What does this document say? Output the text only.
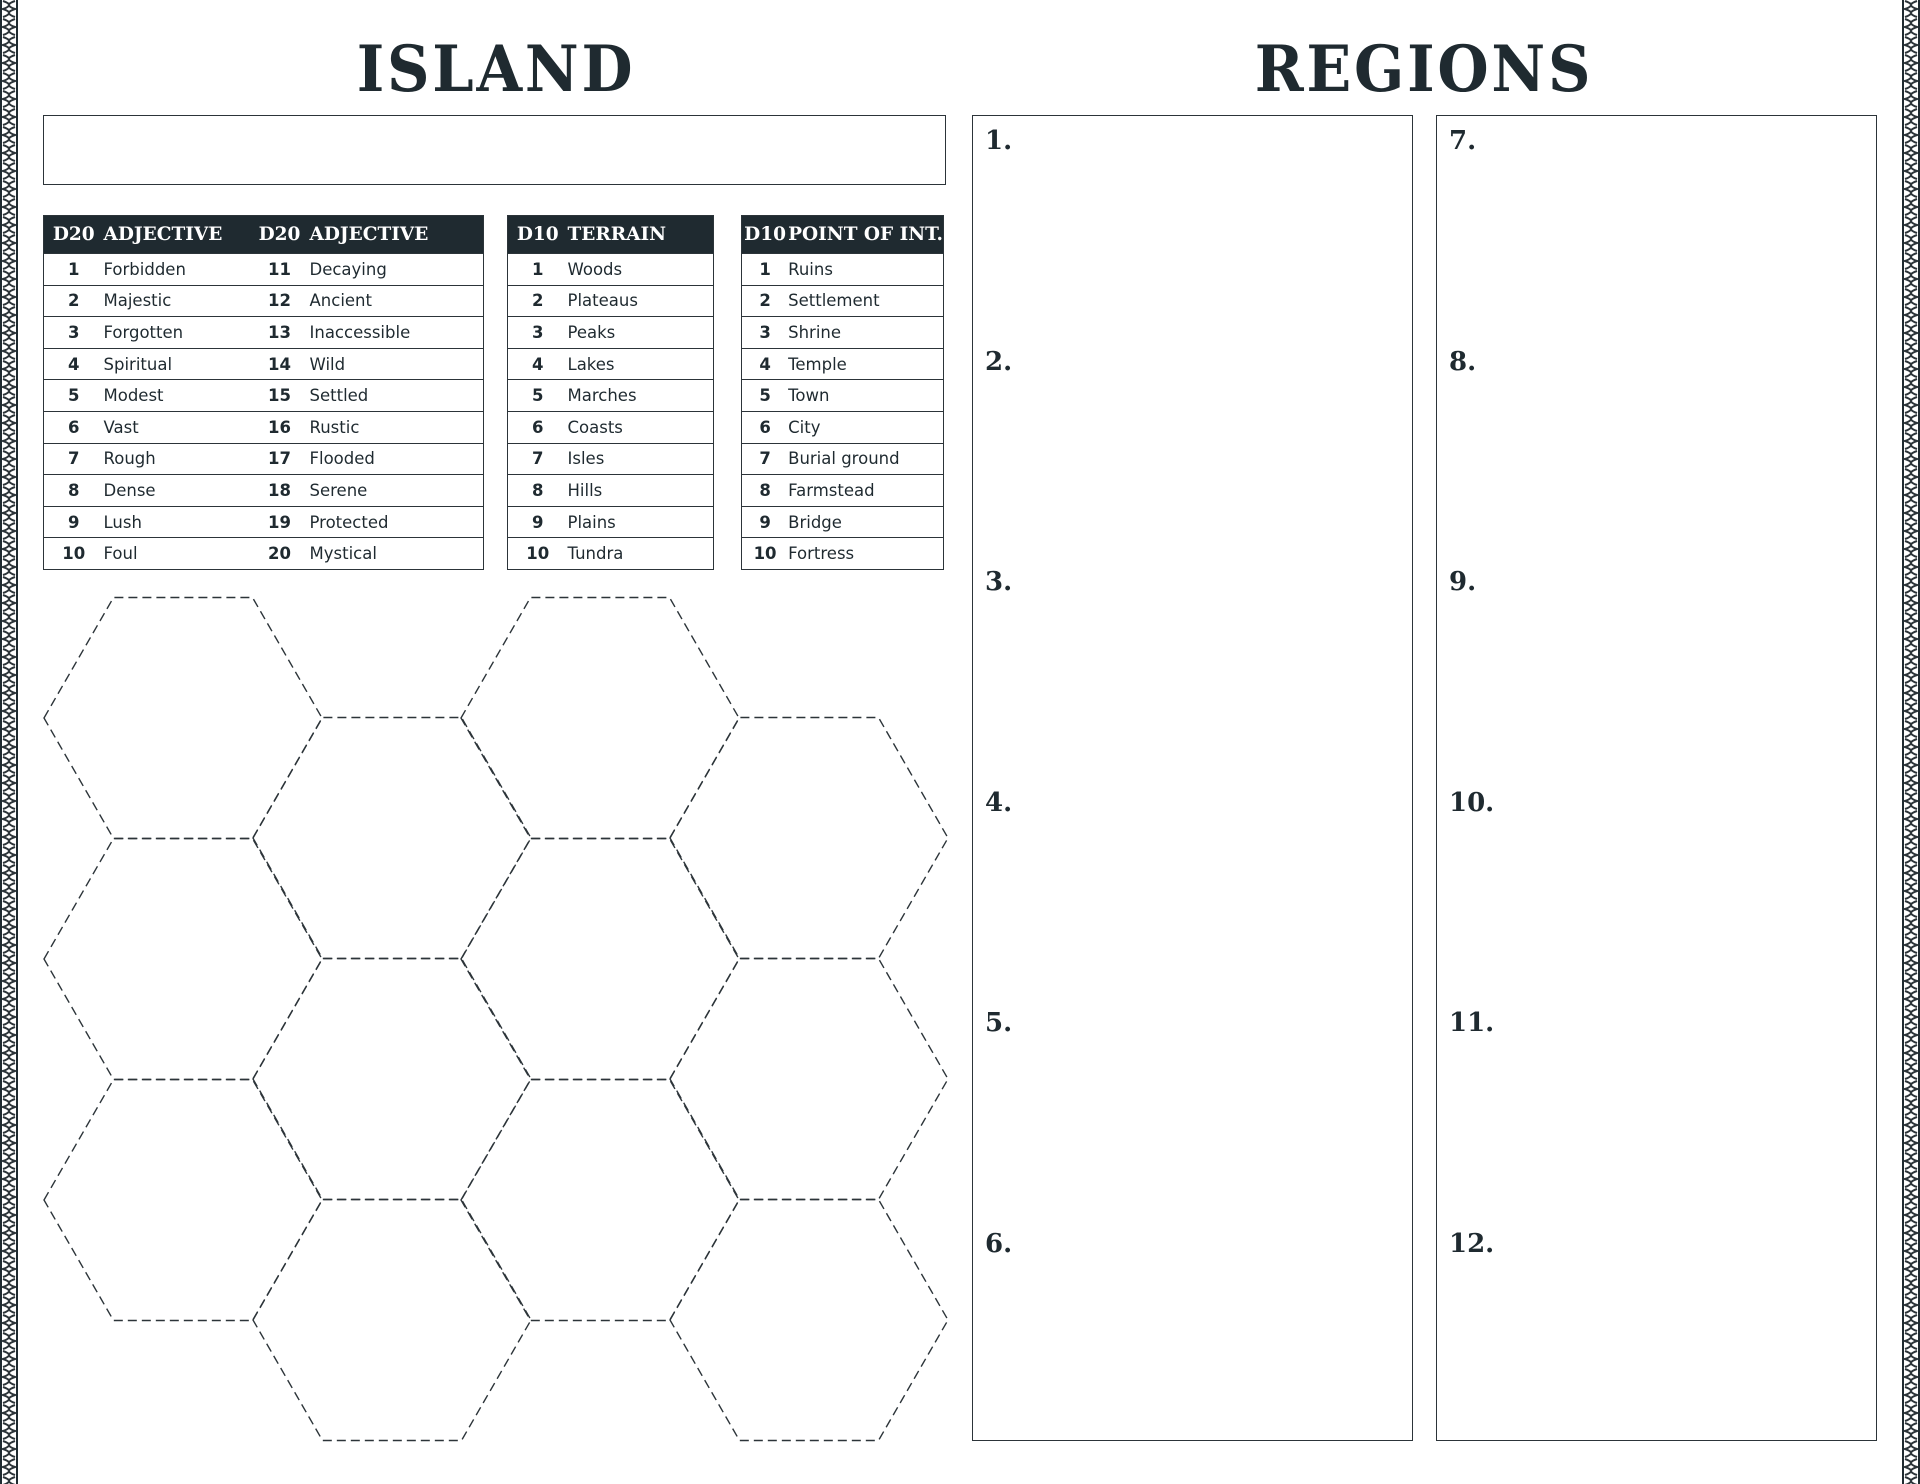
ISLAND	REGIONS
D20	ADJECTIVE	D20	ADJECTIVE
1	Forbidden	11	Decaying
2	Majestic	12	Ancient
3	Forgotten	13	Inaccessible
4	Spiritual	14	Wild
5	Modest	15	Settled
6	Vast	16	Rustic
7	Rough	17	Flooded
8	Dense	18	Serene
9	Lush	19	Protected
10	Foul	20	Mystical
D10	TERRAIN
1	Woods
2	Plateaus
3	Peaks
4	Lakes
5	Marches
6	Coasts
7	Isles
8	Hills
9	Plains
10	Tundra
D10	POINT OF INT.
1	Ruins
2	Settlement
3	Shrine
4	Temple
5	Town
6	City
7	Burial ground
8	Farmstead
9	Bridge
10	Fortress
1.
2.
3.
4.
5.
6.
7.
8.
9.
10.
11.
12.
